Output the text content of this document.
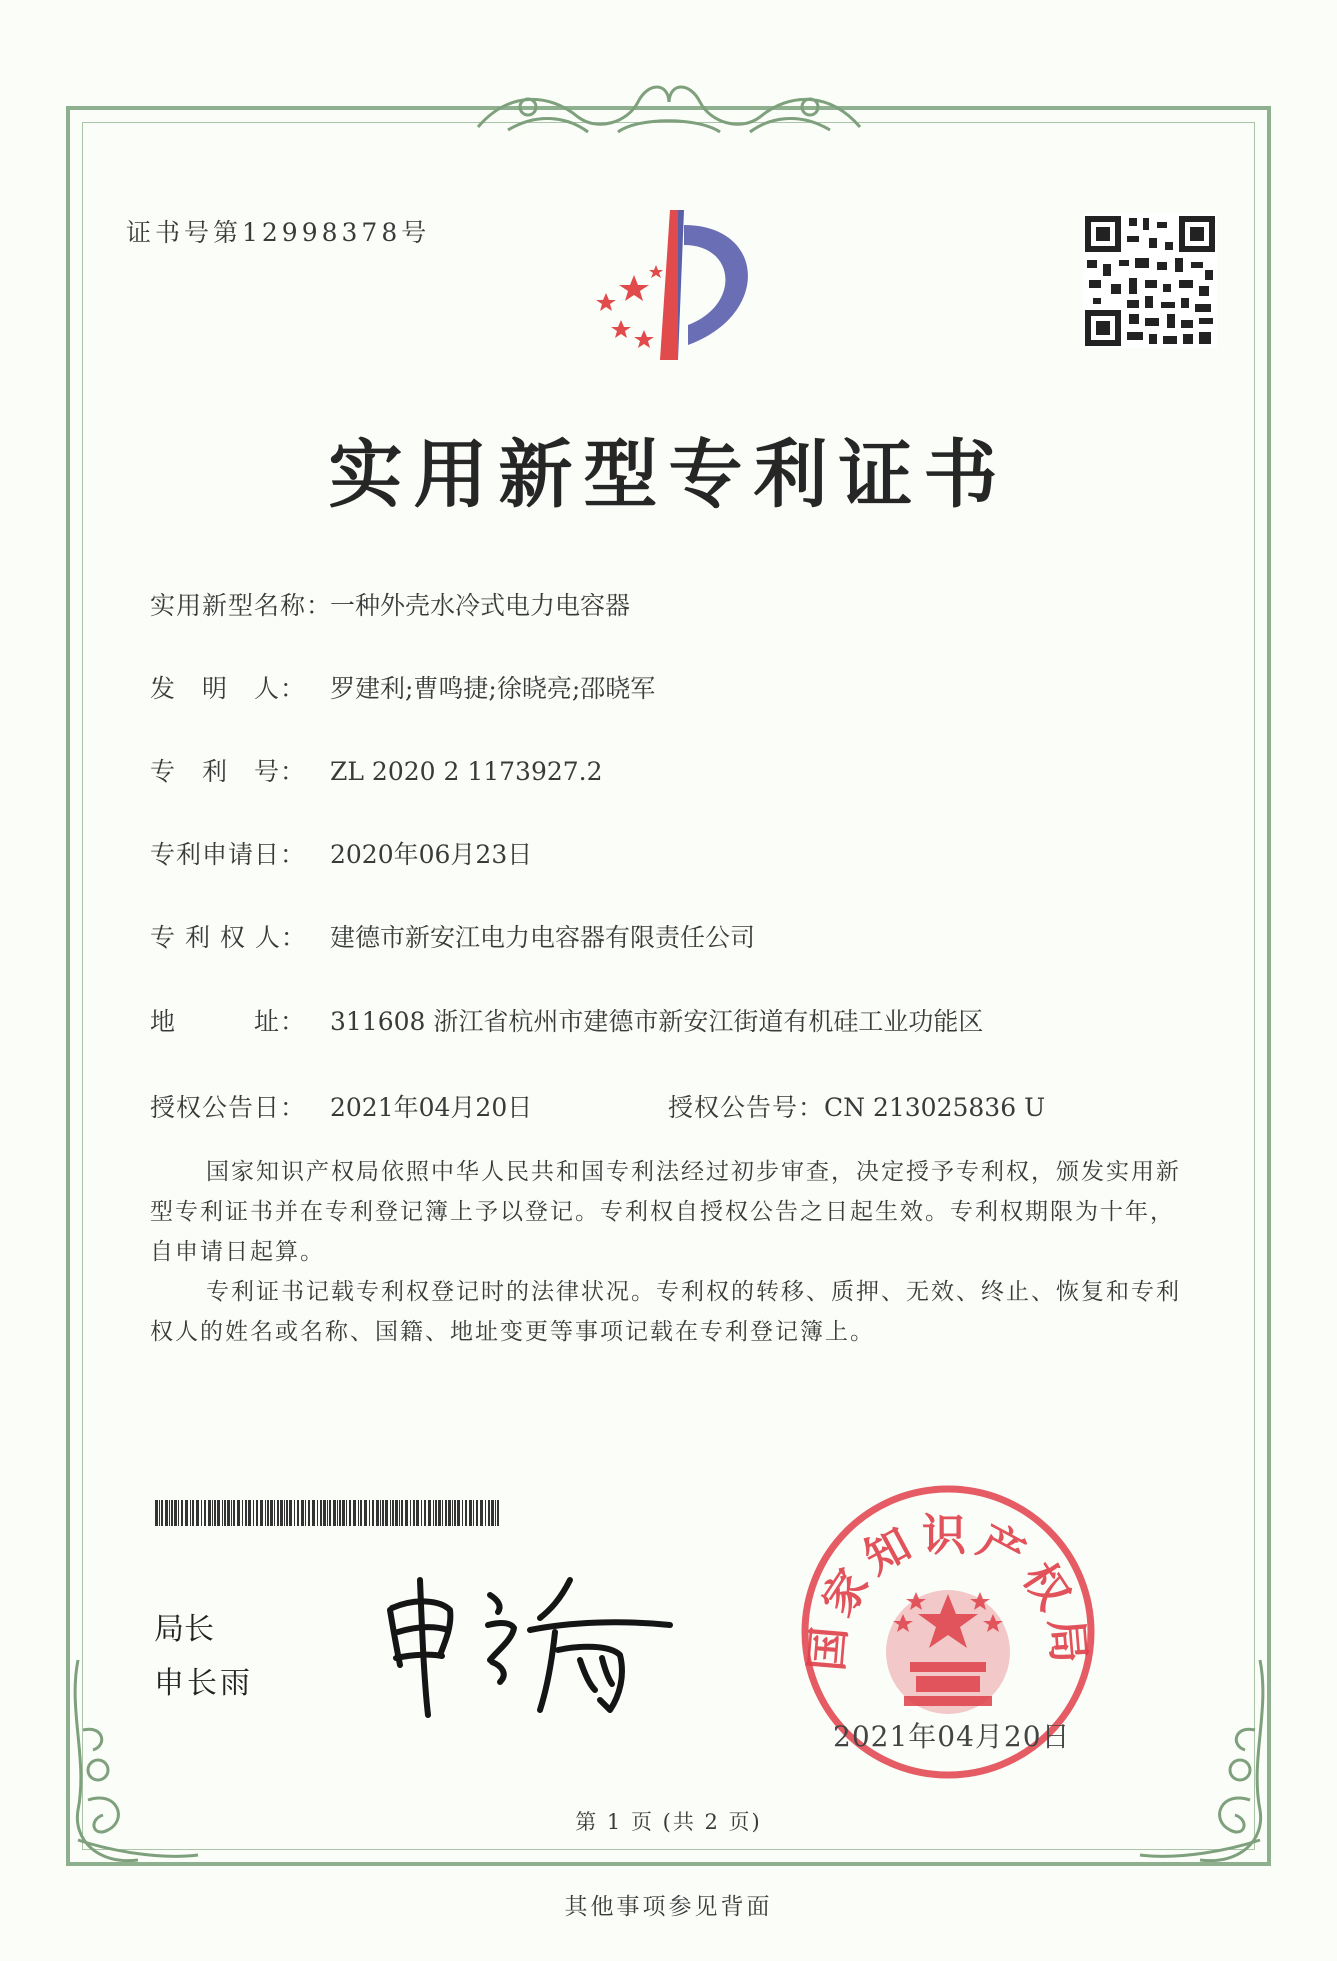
证书号第12998378号
实用新型专利证书
实用新型名称：一种外壳水冷式电力电容器
发　明　人： 罗建利;曹鸣捷;徐晓亮;邵晓军
专　利　号： ZL 2020 2 1173927.2
专利申请日： 2020年06月23日
专 利 权 人： 建德市新安江电力电容器有限责任公司
地　　　址： 311608 浙江省杭州市建德市新安江街道有机硅工业功能区
授权公告日： 2021年04月20日	授权公告号：CN 213025836 U

国家知识产权局依照中华人民共和国专利法经过初步审查，决定授予专利权，颁发实用新型专利证书并在专利登记簿上予以登记。专利权自授权公告之日起生效。专利权期限为十年，自申请日起算。

专利证书记载专利权登记时的法律状况。专利权的转移、质押、无效、终止、恢复和专利权人的姓名或名称、国籍、地址变更等事项记载在专利登记簿上。

局长
申长雨
国家知识产权局
2021年04月20日
第 1 页 (共 2 页)
其他事项参见背面
